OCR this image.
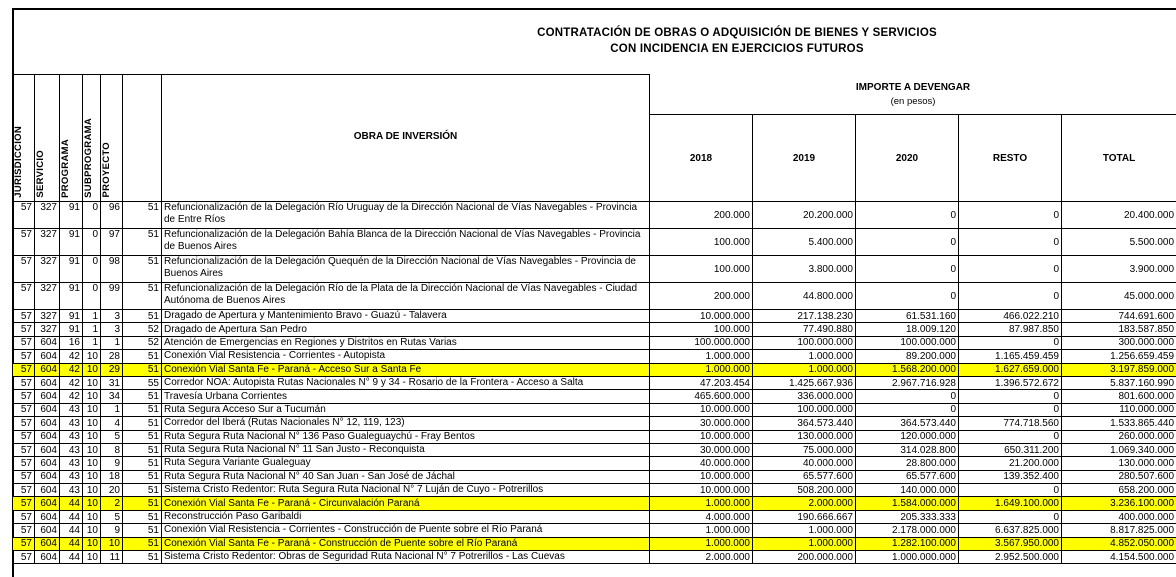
CONTRATACIÓN DE OBRAS O ADQUISICIÓN DE BIENES Y SERVICIOS
CON INCIDENCIA EN EJERCICIOS FUTUROS
JURISDICCIÓN	SERVICIO	PROGRAMA	SUBPROGRAMA	PROYECTO		OBRA DE INVERSIÓN	IMPORTE A DEVENGAR
(en pesos)				

							2018	2019	2020	RESTO	TOTAL
57	327	91	0	96	51	Refuncionalización de la Delegación Río Uruguay de la Dirección Nacional de Vías Navegables - Provincia de Entre Ríos	200.000	20.200.000	0	0	20.400.000
57	327	91	0	97	51	Refuncionalización de la Delegación Bahía Blanca de la Dirección Nacional de Vías Navegables - Provincia de Buenos Aires	100.000	5.400.000	0	0	5.500.000
57	327	91	0	98	51	Refuncionalización de la Delegación Quequén de la Dirección Nacional de Vías Navegables - Provincia de Buenos Aires	100.000	3.800.000	0	0	3.900.000
57	327	91	0	99	51	Refuncionalización de la Delegación Río de la Plata de la Dirección Nacional de Vías Navegables - Ciudad Autónoma de Buenos Aires	200.000	44.800.000	0	0	45.000.000
57	327	91	1	3	51	Dragado de Apertura y Mantenimiento Bravo - Guazú - Talavera	10.000.000	217.138.230	61.531.160	466.022.210	744.691.600
57	327	91	1	3	52	Dragado de Apertura San Pedro	100.000	77.490.880	18.009.120	87.987.850	183.587.850
57	604	16	1	1	52	Atención de Emergencias en Regiones y Distritos en Rutas Varias	100.000.000	100.000.000	100.000.000	0	300.000.000
57	604	42	10	28	51	Conexión Vial Resistencia - Corrientes - Autopista	1.000.000	1.000.000	89.200.000	1.165.459.459	1.256.659.459
57	604	42	10	29	51	Conexión Vial Santa Fe - Paraná - Acceso Sur a Santa Fe	1.000.000	1.000.000	1.568.200.000	1.627.659.000	3.197.859.000
57	604	42	10	31	55	Corredor NOA: Autopista Rutas Nacionales N° 9 y 34 - Rosario de la Frontera - Acceso a Salta	47.203.454	1.425.667.936	2.967.716.928	1.396.572.672	5.837.160.990
57	604	42	10	34	51	Travesía Urbana Corrientes	465.600.000	336.000.000	0	0	801.600.000
57	604	43	10	1	51	Ruta Segura Acceso Sur a Tucumán	10.000.000	100.000.000	0	0	110.000.000
57	604	43	10	4	51	Corredor del Iberá (Rutas Nacionales N° 12, 119, 123)	30.000.000	364.573.440	364.573.440	774.718.560	1.533.865.440
57	604	43	10	5	51	Ruta Segura Ruta Nacional N° 136 Paso Gualeguaychú - Fray Bentos	10.000.000	130.000.000	120.000.000	0	260.000.000
57	604	43	10	8	51	Ruta Segura Ruta Nacional N° 11 San Justo - Reconquista	30.000.000	75.000.000	314.028.800	650.311.200	1.069.340.000
57	604	43	10	9	51	Ruta Segura Variante Gualeguay	40.000.000	40.000.000	28.800.000	21.200.000	130.000.000
57	604	43	10	18	51	Ruta Segura Ruta Nacional N° 40 San Juan - San José de Jáchal	10.000.000	65.577.600	65.577.600	139.352.400	280.507.600
57	604	43	10	20	51	Sistema Cristo Redentor: Ruta Segura Ruta Nacional N° 7 Luján de Cuyo - Potrerillos	10.000.000	508.200.000	140.000.000	0	658.200.000
57	604	44	10	2	51	Conexión Vial Santa Fe - Paraná - Circunvalación Paraná	1.000.000	2.000.000	1.584.000.000	1.649.100.000	3.236.100.000
57	604	44	10	5	51	Reconstrucción Paso Garibaldi	4.000.000	190.666.667	205.333.333	0	400.000.000
57	604	44	10	9	51	Conexión Vial Resistencia - Corrientes - Construcción de Puente sobre el Río Paraná	1.000.000	1.000.000	2.178.000.000	6.637.825.000	8.817.825.000
57	604	44	10	10	51	Conexión Vial Santa Fe - Paraná - Construcción de Puente sobre el Río Paraná	1.000.000	1.000.000	1.282.100.000	3.567.950.000	4.852.050.000
57	604	44	10	11	51	Sistema Cristo Redentor: Obras de Seguridad Ruta Nacional N° 7 Potrerillos - Las Cuevas	2.000.000	200.000.000	1.000.000.000	2.952.500.000	4.154.500.000
